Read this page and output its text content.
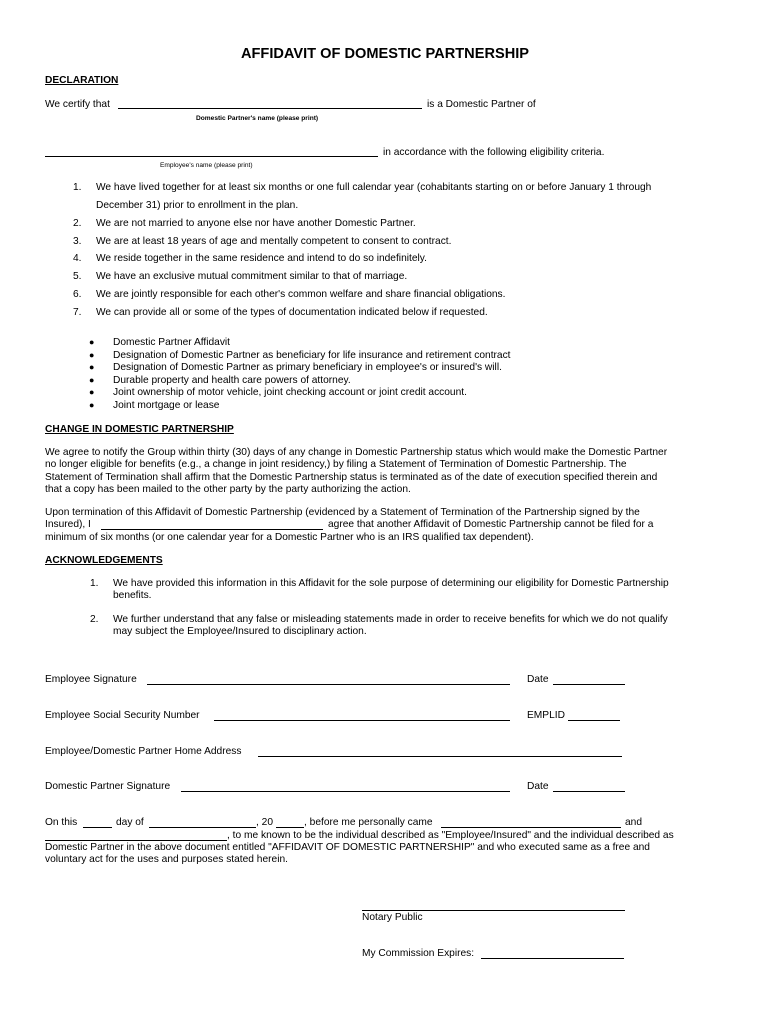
AFFIDAVIT OF DOMESTIC PARTNERSHIP
DECLARATION
We certify that	is a Domestic Partner of
Domestic Partner's name (please print)
in accordance with the following eligibility criteria.
Employee's name (please print)
1. We have lived together for at least six months or one full calendar year (cohabitants starting on or before January 1 through
December 31) prior to enrollment in the plan.
2. We are not married to anyone else nor have another Domestic Partner.
3. We are at least 18 years of age and mentally competent to consent to contract.
4. We reside together in the same residence and intend to do so indefinitely.
5. We have an exclusive mutual commitment similar to that of marriage.
6. We are jointly responsible for each other's common welfare and share financial obligations.
7. We can provide all or some of the types of documentation indicated below if requested.
● Domestic Partner Affidavit
● Designation of Domestic Partner as beneficiary for life insurance and retirement contract
● Designation of Domestic Partner as primary beneficiary in employee's or insured's will.
● Durable property and health care powers of attorney.
● Joint ownership of motor vehicle, joint checking account or joint credit account.
● Joint mortgage or lease
CHANGE IN DOMESTIC PARTNERSHIP
We agree to notify the Group within thirty (30) days of any change in Domestic Partnership status which would make the Domestic Partner
no longer eligible for benefits (e.g., a change in joint residency,) by filing a Statement of Termination of Domestic Partnership. The
Statement of Termination shall affirm that the Domestic Partnership status is terminated as of the date of execution specified therein and
that a copy has been mailed to the other party by the party authorizing the action.
Upon termination of this Affidavit of Domestic Partnership (evidenced by a Statement of Termination of the Partnership signed by the
Insured), I	agree that another Affidavit of Domestic Partnership cannot be filed for a
minimum of six months (or one calendar year for a Domestic Partner who is an IRS qualified tax dependent).
ACKNOWLEDGEMENTS
1. We have provided this information in this Affidavit for the sole purpose of determining our eligibility for Domestic Partnership
benefits.
2. We further understand that any false or misleading statements made in order to receive benefits for which we do not qualify
may subject the Employee/Insured to disciplinary action.
Employee Signature	Date
Employee Social Security Number	EMPLID
Employee/Domestic Partner Home Address
Domestic Partner Signature	Date
On this	day of	, 20	, before me personally came	and
, to me known to be the individual described as "Employee/Insured" and the individual described as
Domestic Partner in the above document entitled "AFFIDAVIT OF DOMESTIC PARTNERSHIP" and who executed same as a free and
voluntary act for the uses and purposes stated herein.
Notary Public
My Commission Expires:
